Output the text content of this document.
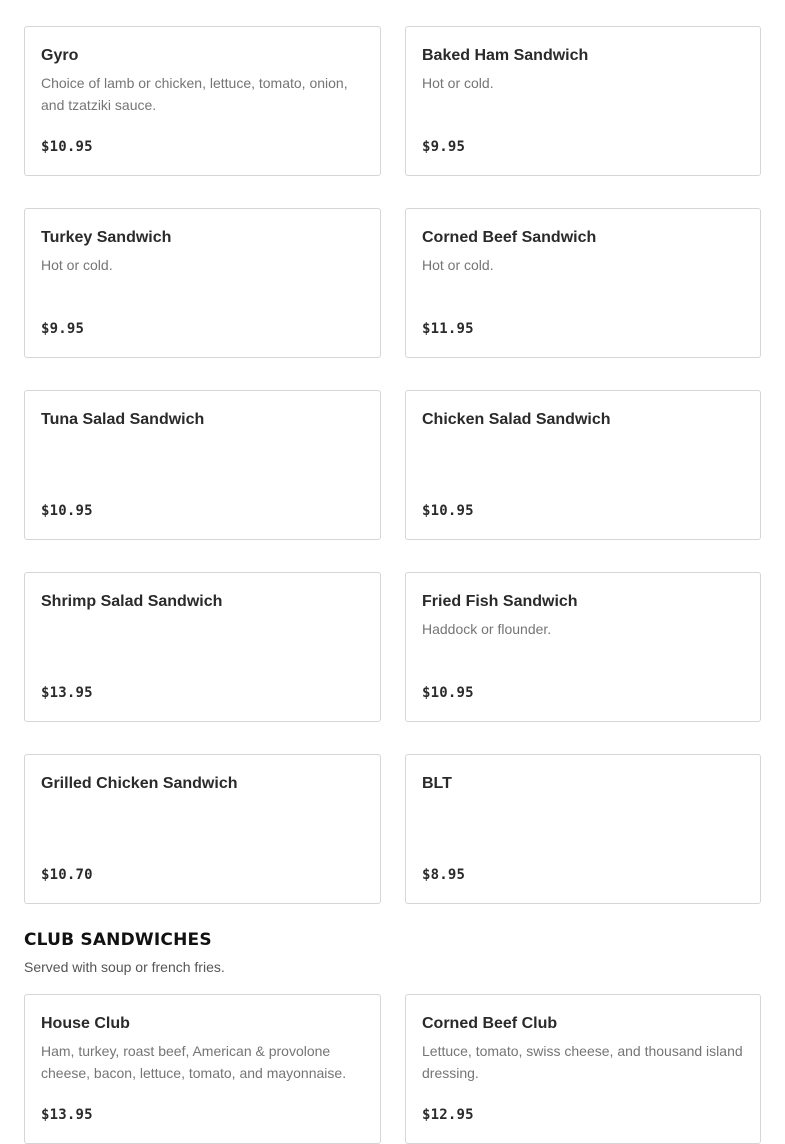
Gyro
Choice of lamb or chicken, lettuce, tomato, onion, and tzatziki sauce.
$10.95
Baked Ham Sandwich
Hot or cold.
$9.95
Turkey Sandwich
Hot or cold.
$9.95
Corned Beef Sandwich
Hot or cold.
$11.95
Tuna Salad Sandwich
$10.95
Chicken Salad Sandwich
$10.95
Shrimp Salad Sandwich
$13.95
Fried Fish Sandwich
Haddock or flounder.
$10.95
Grilled Chicken Sandwich
$10.70
BLT
$8.95
CLUB SANDWICHES
Served with soup or french fries.
House Club
Ham, turkey, roast beef, American & provolone cheese, bacon, lettuce, tomato, and mayonnaise.
$13.95
Corned Beef Club
Lettuce, tomato, swiss cheese, and thousand island dressing.
$12.95
